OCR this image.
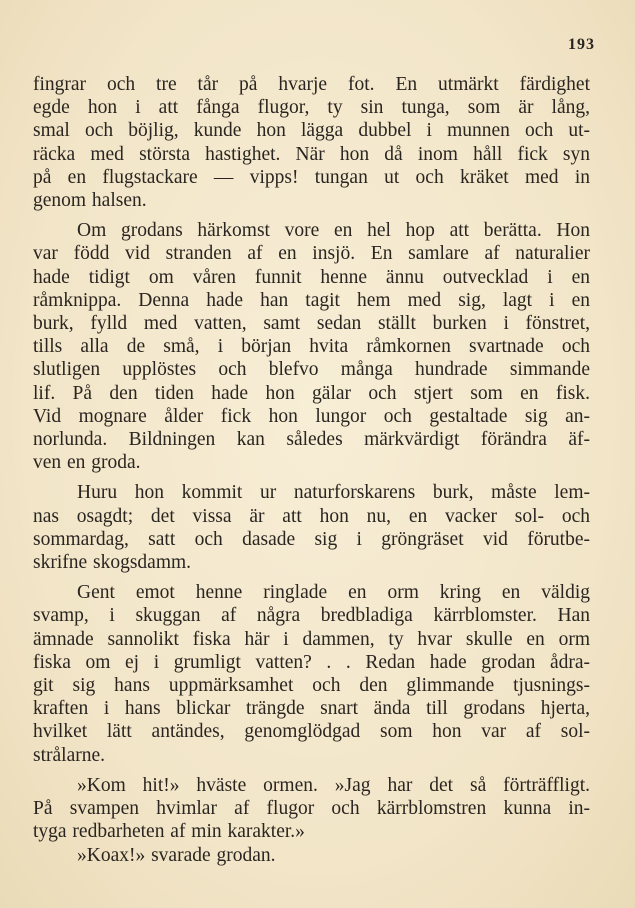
193

fingrar och tre tår på hvarje fot. En utmärkt färdighet
egde hon i att fånga flugor, ty sin tunga, som är lång,
smal och böjlig, kunde hon lägga dubbel i munnen och ut-
räcka med största hastighet. När hon då inom håll fick syn
på en flugstackare — vipps! tungan ut och kräket med in
genom halsen.

Om grodans härkomst vore en hel hop att berätta. Hon
var född vid stranden af en insjö. En samlare af naturalier
hade tidigt om våren funnit henne ännu outvecklad i en
råmknippa. Denna hade han tagit hem med sig, lagt i en
burk, fylld med vatten, samt sedan ställt burken i fönstret,
tills alla de små, i början hvita råmkornen svartnade och
slutligen upplöstes och blefvo många hundrade simmande
lif. På den tiden hade hon gälar och stjert som en fisk.
Vid mognare ålder fick hon lungor och gestaltade sig an-
norlunda. Bildningen kan således märkvärdigt förändra äf-
ven en groda.

Huru hon kommit ur naturforskarens burk, måste lem-
nas osagdt; det vissa är att hon nu, en vacker sol- och
sommardag, satt och dasade sig i gröngräset vid förutbe-
skrifne skogsdamm.

Gent emot henne ringlade en orm kring en väldig
svamp, i skuggan af några bredbladiga kärrblomster. Han
ämnade sannolikt fiska här i dammen, ty hvar skulle en orm
fiska om ej i grumligt vatten? . . Redan hade grodan ådra-
git sig hans uppmärksamhet och den glimmande tjusnings-
kraften i hans blickar trängde snart ända till grodans hjerta,
hvilket lätt antändes, genomglödgad som hon var af sol-
strålarne.

»Kom hit!» hväste ormen. »Jag har det så förträffligt.
På svampen hvimlar af flugor och kärrblomstren kunna in-
tyga redbarheten af min karakter.»

»Koax!» svarade grodan.
